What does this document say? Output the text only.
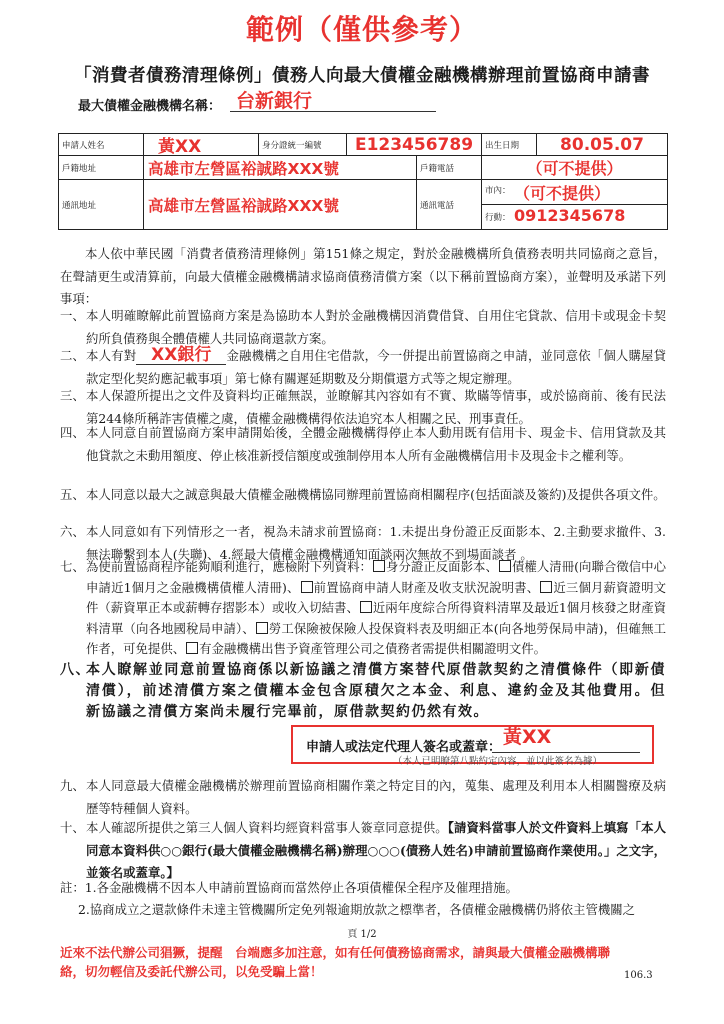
範例（僅供參考）
「消費者債務清理條例」債務人向最大債權金融機構辦理前置協商申請書
最大債權金融機構名稱： 台新銀行
申請人姓名	黃XX	身分證統一編號	E123456789	出生日期	80.05.07
戶籍地址	高雄市左營區裕誠路XXX號	戶籍電話	（可不提供）
通訊地址	高雄市左營區裕誠路XXX號	通訊電話
市內： （可不提供）
行動： 0912345678
本人依中華民國「消費者債務清理條例」第151條之規定，對於金融機構所負債務表明共同協商之意旨，在聲請更生或清算前，向最大債權金融機構請求協商債務清償方案（以下稱前置協商方案），並聲明及承諾下列事項：
一、 本人明確瞭解此前置協商方案是為協助本人對於金融機構因消費借貸、自用住宅貸款、信用卡或現金卡契約所負債務與全體債權人共同協商還款方案。
二、 本人有對 XX銀行 金融機構之自用住宅借款，今一併提出前置協商之申請，並同意依「個人購屋貸款定型化契約應記載事項」第七條有關遲延期數及分期償還方式等之規定辦理。
三、 本人保證所提出之文件及資料均正確無誤，並瞭解其內容如有不實、欺瞞等情事，或於協商前、後有民法第244條所稱詐害債權之虞，債權金融機構得依法追究本人相關之民、刑事責任。
四、 本人同意自前置協商方案申請開始後，全體金融機構得停止本人動用既有信用卡、現金卡、信用貸款及其他貸款之未動用額度、停止核准新授信額度或強制停用本人所有金融機構信用卡及現金卡之權利等。
五、 本人同意以最大之誠意與最大債權金融機構協同辦理前置協商相關程序(包括面談及簽約)及提供各項文件。
六、 本人同意如有下列情形之一者，視為未請求前置協商：1.未提出身份證正反面影本、2.主動要求撤件、3.無法聯繫到本人(失聯)、4.經最大債權金融機構通知面談兩次無故不到場面談者 。
七、 為使前置協商程序能夠順利進行，應檢附下列資料： 身分證正反面影本、 債權人清冊(向聯合徵信中心申請近1個月之金融機構債權人清冊)、 前置協商申請人財產及收支狀況說明書、 近三個月薪資證明文件（薪資單正本或薪轉存摺影本）或收入切結書、 近兩年度綜合所得資料清單及最近1個月核發之財產資料清單（向各地國稅局申請）、 勞工保險被保險人投保資料表及明細正本(向各地勞保局申請)，但確無工作者，可免提供、 有金融機構出售予資產管理公司之債務者需提供相關證明文件。
八、
本人瞭解並同意前置協商係以新協議之清償方案替代原借款契約之清償條件（即新債清償），前述清償方案之債權本金包含原積欠之本金、利息、違約金及其他費用。但新協議之清償方案尚未履行完畢前，原借款契約仍然有效。
申請人或法定代理人簽名或蓋章： 黃XX
（本人已明瞭第八點約定內容，並以此簽名為據）
九、 本人同意最大債權金融機構於辦理前置協商相關作業之特定目的內，蒐集、處理及利用本人相關醫療及病歷等特種個人資料。
十、 本人確認所提供之第三人個人資料均經資料當事人簽章同意提供。【請資料當事人於文件資料上填寫「本人同意本資料供○○銀行(最大債權金融機構名稱)辦理○○○(債務人姓名)申請前置協商作業使用。」之文字，並簽名或蓋章。】
註：1.各金融機構不因本人申請前置協商而當然停止各項債權保全程序及催理措施。
2.協商成立之還款條件未達主管機關所定免列報逾期放款之標準者，各債權金融機構仍將依主管機關之
頁 1/2
近來不法代辦公司猖獗，提醒　台端應多加注意，如有任何債務協商需求，請與最大債權金融機構聯絡，切勿輕信及委託代辦公司，以免受騙上當！	106.3
